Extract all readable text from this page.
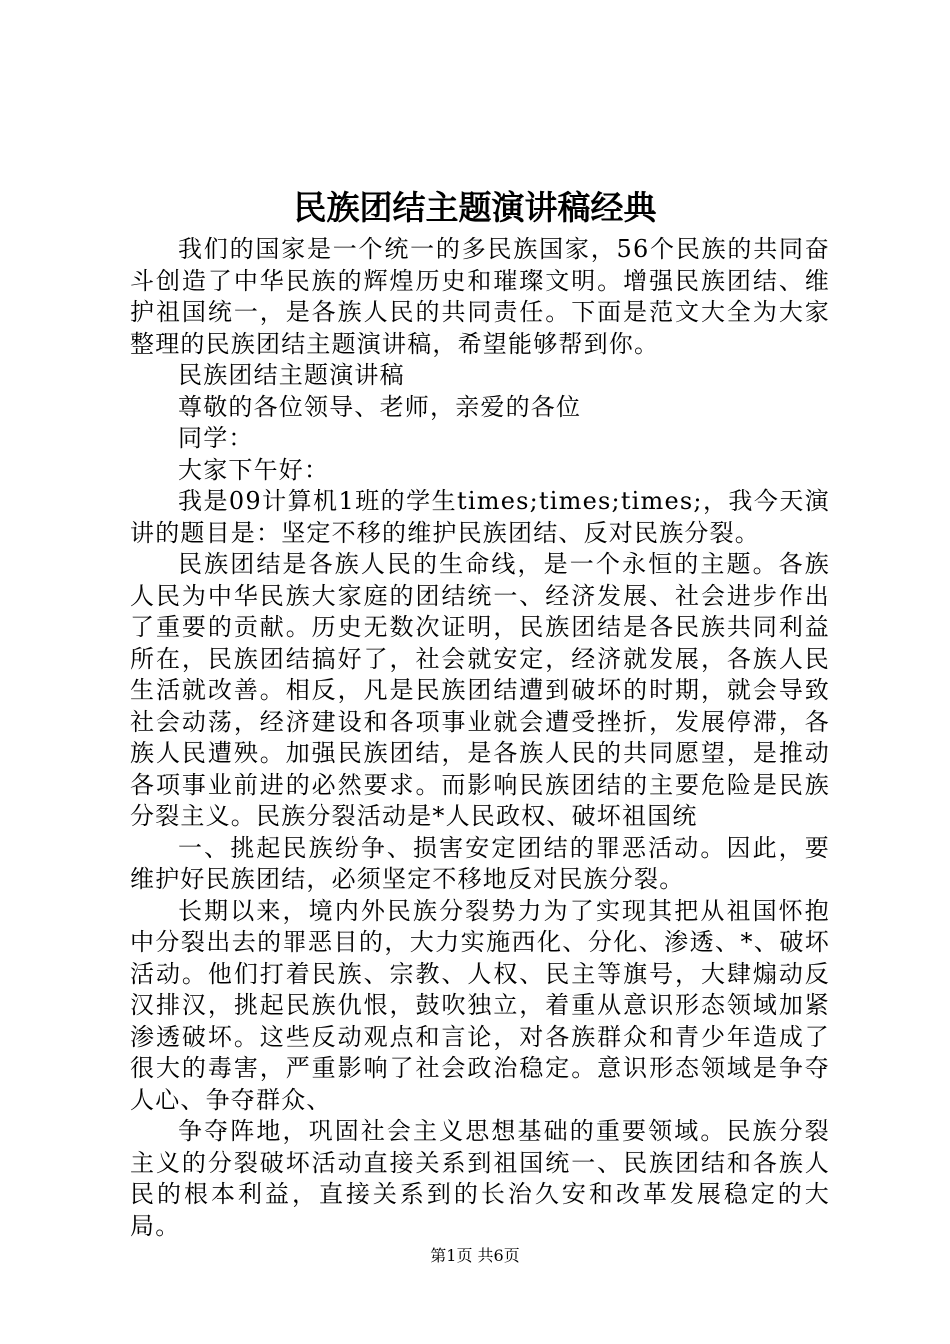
民族团结主题演讲稿经典

我们的国家是一个统一的多民族国家，56个民族的共同奋斗创造了中华民族的辉煌历史和璀璨文明。增强民族团结、维护祖国统一，是各族人民的共同责任。下面是范文大全为大家整理的民族团结主题演讲稿，希望能够帮到你。

民族团结主题演讲稿

尊敬的各位领导、老师，亲爱的各位

同学：

大家下午好：

我是09计算机1班的学生times;times;times;，我今天演讲的题目是：坚定不移的维护民族团结、反对民族分裂。

民族团结是各族人民的生命线，是一个永恒的主题。各族人民为中华民族大家庭的团结统一、经济发展、社会进步作出了重要的贡献。历史无数次证明，民族团结是各民族共同利益所在，民族团结搞好了，社会就安定，经济就发展，各族人民生活就改善。相反，凡是民族团结遭到破坏的时期，就会导致社会动荡，经济建设和各项事业就会遭受挫折，发展停滞，各族人民遭殃。加强民族团结，是各族人民的共同愿望，是推动各项事业前进的必然要求。而影响民族团结的主要危险是民族分裂主义。民族分裂活动是*人民政权、破坏祖国统

一、挑起民族纷争、损害安定团结的罪恶活动。因此，要维护好民族团结，必须坚定不移地反对民族分裂。

长期以来，境内外民族分裂势力为了实现其把从祖国怀抱中分裂出去的罪恶目的，大力实施西化、分化、渗透、*、破坏活动。他们打着民族、宗教、人权、民主等旗号，大肆煽动反汉排汉，挑起民族仇恨，鼓吹独立，着重从意识形态领域加紧渗透破坏。这些反动观点和言论，对各族群众和青少年造成了很大的毒害，严重影响了社会政治稳定。意识形态领域是争夺人心、争夺群众、

争夺阵地，巩固社会主义思想基础的重要领域。民族分裂主义的分裂破坏活动直接关系到祖国统一、民族团结和各族人民的根本利益，直接关系到的长治久安和改革发展稳定的大局。

第1页 共6页
